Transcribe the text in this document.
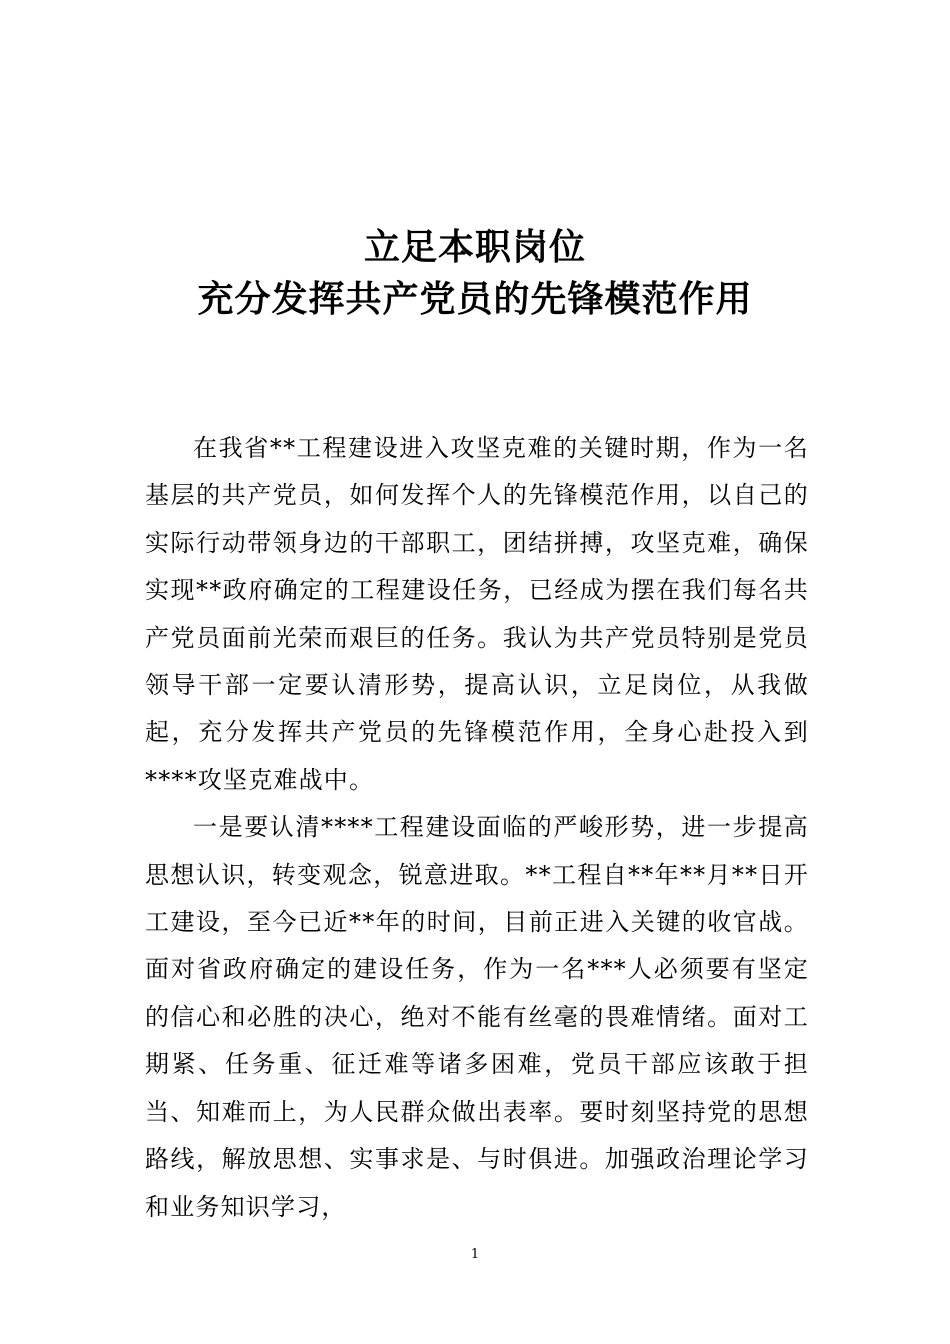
立足本职岗位
充分发挥共产党员的先锋模范作用

在我省**工程建设进入攻坚克难的关键时期，作为一名基层的共产党员，如何发挥个人的先锋模范作用，以自己的实际行动带领身边的干部职工，团结拼搏，攻坚克难，确保实现**政府确定的工程建设任务，已经成为摆在我们每名共产党员面前光荣而艰巨的任务。我认为共产党员特别是党员领导干部一定要认清形势，提高认识，立足岗位，从我做起，充分发挥共产党员的先锋模范作用，全身心赴投入到****攻坚克难战中。

一是要认清****工程建设面临的严峻形势，进一步提高思想认识，转变观念，锐意进取。**工程自**年**月**日开工建设，至今已近**年的时间，目前正进入关键的收官战。面对省政府确定的建设任务，作为一名***人必须要有坚定的信心和必胜的决心，绝对不能有丝毫的畏难情绪。面对工期紧、任务重、征迁难等诸多困难，党员干部应该敢于担当、知难而上，为人民群众做出表率。要时刻坚持党的思想路线，解放思想、实事求是、与时俱进。加强政治理论学习和业务知识学习，

1
